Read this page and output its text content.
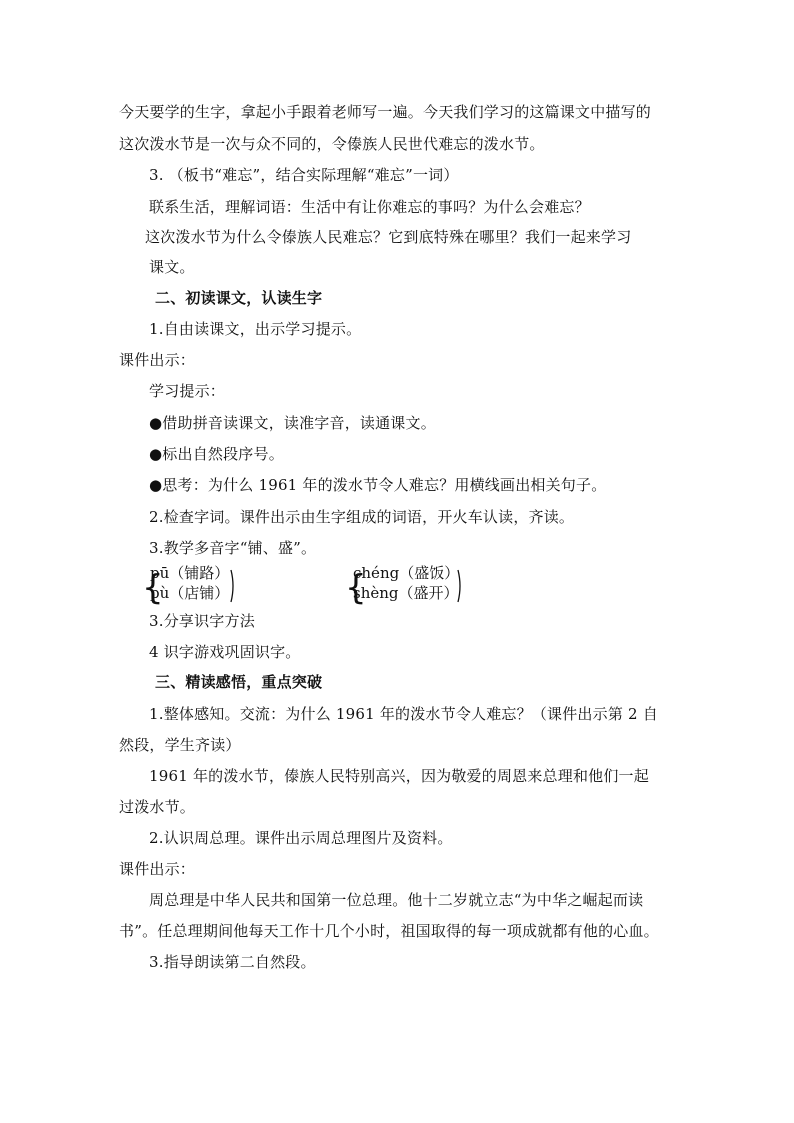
今天要学的生字，拿起小手跟着老师写一遍。今天我们学习的这篇课文中描写的
这次泼水节是一次与众不同的，令傣族人民世代难忘的泼水节。
3. （板书“难忘”，结合实际理解“难忘”一词）
联系生活，理解词语：生活中有让你难忘的事吗？为什么会难忘？
这次泼水节为什么令傣族人民难忘？它到底特殊在哪里？我们一起来学习
课文。
二、初读课文，认读生字
1.自由读课文，出示学习提示。
课件出示：
学习提示：
●借助拼音读课文，读准字音，读通课文。
●标出自然段序号。
●思考：为什么 1961 年的泼水节令人难忘？用横线画出相关句子。
2.检查字词。课件出示由生字组成的词语，开火车认读，齐读。
3.教学多音字“铺、盛”。
{
pū（铺路）
pù（店铺）	{
chéng（盛饭）
shèng（盛开）
3.分享识字方法
4 识字游戏巩固识字。
三、精读感悟，重点突破
1.整体感知。交流：为什么 1961 年的泼水节令人难忘？（课件出示第 2 自
然段，学生齐读）
1961 年的泼水节，傣族人民特别高兴，因为敬爱的周恩来总理和他们一起
过泼水节。
2.认识周总理。课件出示周总理图片及资料。
课件出示：
周总理是中华人民共和国第一位总理。他十二岁就立志“为中华之崛起而读
书”。任总理期间他每天工作十几个小时，祖国取得的每一项成就都有他的心血。
3.指导朗读第二自然段。
